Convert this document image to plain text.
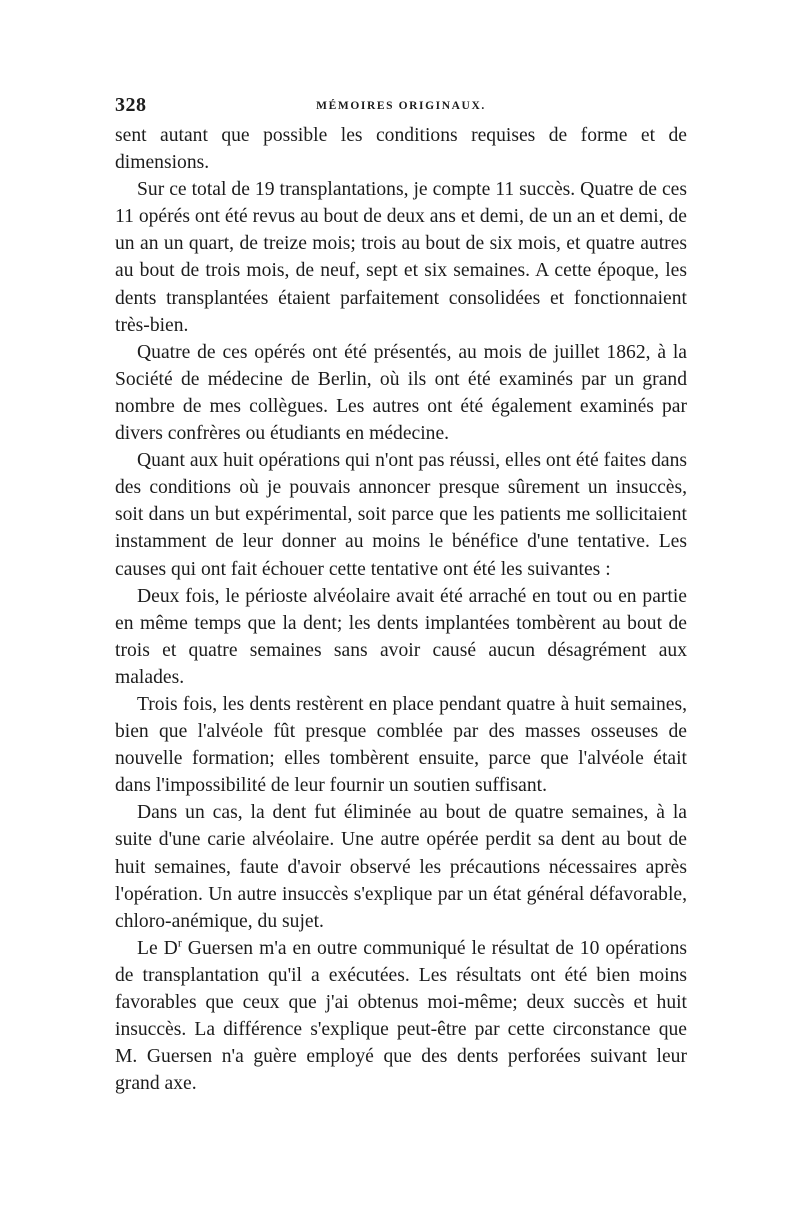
328	MÉMOIRES ORIGINAUX.

sent autant que possible les conditions requises de forme et de dimensions.

Sur ce total de 19 transplantations, je compte 11 succès. Quatre de ces 11 opérés ont été revus au bout de deux ans et demi, de un an et demi, de un an un quart, de treize mois; trois au bout de six mois, et quatre autres au bout de trois mois, de neuf, sept et six semaines. A cette époque, les dents transplantées étaient parfaitement consolidées et fonctionnaient très-bien.

Quatre de ces opérés ont été présentés, au mois de juillet 1862, à la Société de médecine de Berlin, où ils ont été examinés par un grand nombre de mes collègues. Les autres ont été également examinés par divers confrères ou étudiants en médecine.

Quant aux huit opérations qui n'ont pas réussi, elles ont été faites dans des conditions où je pouvais annoncer presque sûrement un insuccès, soit dans un but expérimental, soit parce que les patients me sollicitaient instamment de leur donner au moins le bénéfice d'une tentative. Les causes qui ont fait échouer cette tentative ont été les suivantes :

Deux fois, le périoste alvéolaire avait été arraché en tout ou en partie en même temps que la dent; les dents implantées tombèrent au bout de trois et quatre semaines sans avoir causé aucun désagrément aux malades.

Trois fois, les dents restèrent en place pendant quatre à huit semaines, bien que l'alvéole fût presque comblée par des masses osseuses de nouvelle formation; elles tombèrent ensuite, parce que l'alvéole était dans l'impossibilité de leur fournir un soutien suffisant.

Dans un cas, la dent fut éliminée au bout de quatre semaines, à la suite d'une carie alvéolaire. Une autre opérée perdit sa dent au bout de huit semaines, faute d'avoir observé les précautions nécessaires après l'opération. Un autre insuccès s'explique par un état général défavorable, chloro-anémique, du sujet.

Le $D^r$ Guersen m'a en outre communiqué le résultat de 10 opérations de transplantation qu'il a exécutées. Les résultats ont été bien moins favorables que ceux que j'ai obtenus moi-même; deux succès et huit insuccès. La différence s'explique peut-être par cette circonstance que M. Guersen n'a guère employé que des dents perforées suivant leur grand axe.
